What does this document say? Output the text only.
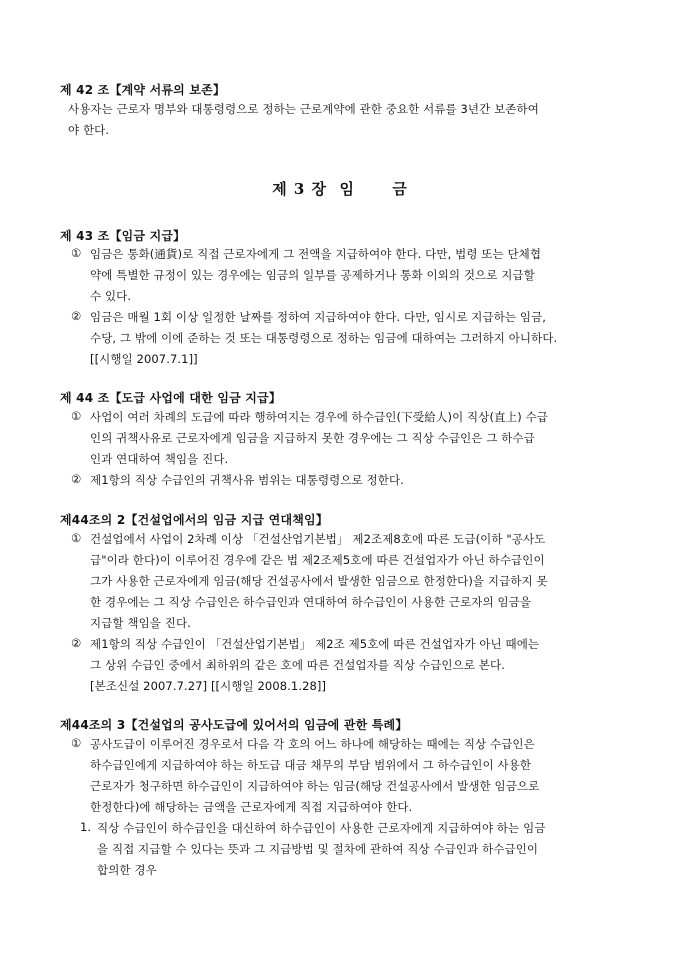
제 42 조【계약 서류의 보존】
사용자는 근로자 명부와 대통령령으로 정하는 근로계약에 관한 중요한 서류를 3년간 보존하여
야 한다.
제 3 장  임      금
제 43 조【임금 지급】
① 임금은 통화(通貨)로 직접 근로자에게 그 전액을 지급하여야 한다. 다만, 법령 또는 단체협
약에 특별한 규정이 있는 경우에는 임금의 일부를 공제하거나 통화 이외의 것으로 지급할
수 있다.
② 임금은 매월 1회 이상 일정한 날짜를 정하여 지급하여야 한다. 다만, 임시로 지급하는 임금,
수당, 그 밖에 이에 준하는 것 또는 대통령령으로 정하는 임금에 대하여는 그러하지 아니하다.
[[시행일 2007.7.1]]
제 44 조【도급 사업에 대한 임금 지급】
① 사업이 여러 차례의 도급에 따라 행하여지는 경우에 하수급인(下受給人)이 직상(直上) 수급
인의 귀책사유로 근로자에게 임금을 지급하지 못한 경우에는 그 직상 수급인은 그 하수급
인과 연대하여 책임을 진다.
② 제1항의 직상 수급인의 귀책사유 범위는 대통령령으로 정한다.
제44조의 2【건설업에서의 임금 지급 연대책임】
① 건설업에서 사업이 2차례 이상 「건설산업기본법」 제2조제8호에 따른 도급(이하 "공사도
급"이라 한다)이 이루어진 경우에 같은 법 제2조제5호에 따른 건설업자가 아닌 하수급인이
그가 사용한 근로자에게 임금(해당 건설공사에서 발생한 임금으로 한정한다)을 지급하지 못
한 경우에는 그 직상 수급인은 하수급인과 연대하여 하수급인이 사용한 근로자의 임금을
지급할 책임을 진다.
② 제1항의 직상 수급인이 「건설산업기본법」 제2조 제5호에 따른 건설업자가 아닌 때에는
그 상위 수급인 중에서 최하위의 같은 호에 따른 건설업자를 직상 수급인으로 본다.
[본조신설 2007.7.27] [[시행일 2008.1.28]]
제44조의 3【건설업의 공사도급에 있어서의 임금에 관한 특례】
① 공사도급이 이루어진 경우로서 다음 각 호의 어느 하나에 해당하는 때에는 직상 수급인은
하수급인에게 지급하여야 하는 하도급 대금 채무의 부담 범위에서 그 하수급인이 사용한
근로자가 청구하면 하수급인이 지급하여야 하는 임금(해당 건설공사에서 발생한 임금으로
한정한다)에 해당하는 금액을 근로자에게 직접 지급하여야 한다.
1. 직상 수급인이 하수급인을 대신하여 하수급인이 사용한 근로자에게 지급하여야 하는 임금
을 직접 지급할 수 있다는 뜻과 그 지급방법 및 절차에 관하여 직상 수급인과 하수급인이
합의한 경우
